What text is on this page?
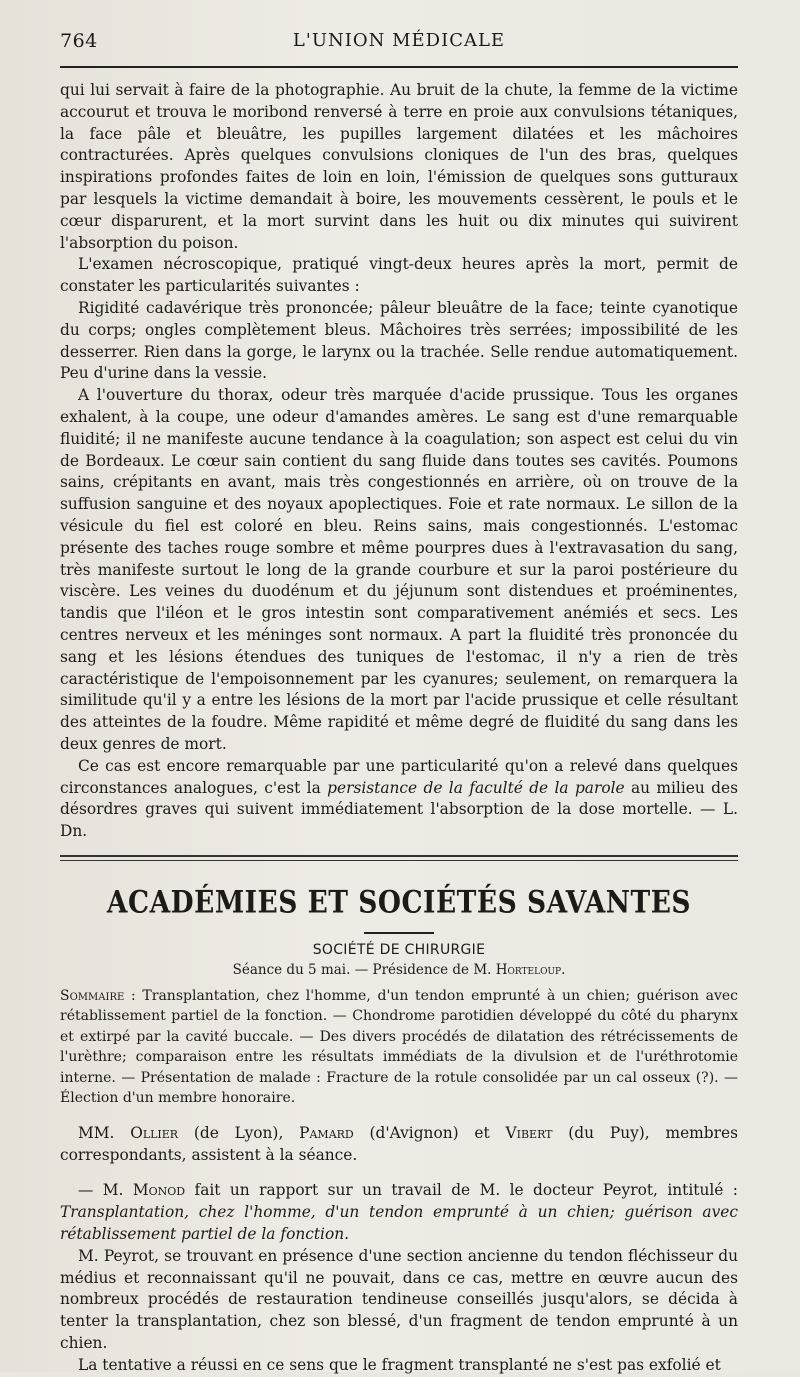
764	L'UNION MÉDICALE

qui lui servait à faire de la photographie. Au bruit de la chute, la femme de la victime accourut et trouva le moribond renversé à terre en proie aux convulsions tétaniques, la face pâle et bleuâtre, les pupilles largement dilatées et les mâchoires contracturées. Après quelques convulsions cloniques de l'un des bras, quelques inspirations profondes faites de loin en loin, l'émission de quelques sons gutturaux par lesquels la victime demandait à boire, les mouvements cessèrent, le pouls et le cœur disparurent, et la mort survint dans les huit ou dix minutes qui suivirent l'absorption du poison.

L'examen nécroscopique, pratiqué vingt-deux heures après la mort, permit de constater les particularités suivantes :

Rigidité cadavérique très prononcée; pâleur bleuâtre de la face; teinte cyanotique du corps; ongles complètement bleus. Mâchoires très serrées; impossibilité de les desserrer. Rien dans la gorge, le larynx ou la trachée. Selle rendue automatiquement. Peu d'urine dans la vessie.

A l'ouverture du thorax, odeur très marquée d'acide prussique. Tous les organes exhalent, à la coupe, une odeur d'amandes amères. Le sang est d'une remarquable fluidité; il ne manifeste aucune tendance à la coagulation; son aspect est celui du vin de Bordeaux. Le cœur sain contient du sang fluide dans toutes ses cavités. Poumons sains, crépitants en avant, mais très congestionnés en arrière, où on trouve de la suffusion sanguine et des noyaux apoplectiques. Foie et rate normaux. Le sillon de la vésicule du fiel est coloré en bleu. Reins sains, mais congestionnés. L'estomac présente des taches rouge sombre et même pourpres dues à l'extravasation du sang, très manifeste surtout le long de la grande courbure et sur la paroi postérieure du viscère. Les veines du duodénum et du jéjunum sont distendues et proéminentes, tandis que l'iléon et le gros intestin sont comparativement anémiés et secs. Les centres nerveux et les méninges sont normaux. A part la fluidité très prononcée du sang et les lésions étendues des tuniques de l'estomac, il n'y a rien de très caractéristique de l'empoisonnement par les cyanures; seulement, on remarquera la similitude qu'il y a entre les lésions de la mort par l'acide prussique et celle résultant des atteintes de la foudre. Même rapidité et même degré de fluidité du sang dans les deux genres de mort.

Ce cas est encore remarquable par une particularité qu'on a relevé dans quelques circonstances analogues, c'est la persistance de la faculté de la parole au milieu des désordres graves qui suivent immédiatement l'absorption de la dose mortelle. — L. Dn.

ACADÉMIES ET SOCIÉTÉS SAVANTES
SOCIÉTÉ DE CHIRURGIE
Séance du 5 mai. — Présidence de M. Horteloup.

Sommaire : Transplantation, chez l'homme, d'un tendon emprunté à un chien; guérison avec rétablissement partiel de la fonction. — Chondrome parotidien développé du côté du pharynx et extirpé par la cavité buccale. — Des divers procédés de dilatation des rétrécissements de l'urèthre; comparaison entre les résultats immédiats de la divulsion et de l'uréthrotomie interne. — Présentation de malade : Fracture de la rotule consolidée par un cal osseux (?). — Élection d'un membre honoraire.

MM. Ollier (de Lyon), Pamard (d'Avignon) et Vibert (du Puy), membres correspondants, assistent à la séance.

— M. Monod fait un rapport sur un travail de M. le docteur Peyrot, intitulé : Transplantation, chez l'homme, d'un tendon emprunté à un chien; guérison avec rétablissement partiel de la fonction.

M. Peyrot, se trouvant en présence d'une section ancienne du tendon fléchisseur du médius et reconnaissant qu'il ne pouvait, dans ce cas, mettre en œuvre aucun des nombreux procédés de restauration tendineuse conseillés jusqu'alors, se décida à tenter la transplantation, chez son blessé, d'un fragment de tendon emprunté à un chien.

La tentative a réussi en ce sens que le fragment transplanté ne s'est pas exfolié et
